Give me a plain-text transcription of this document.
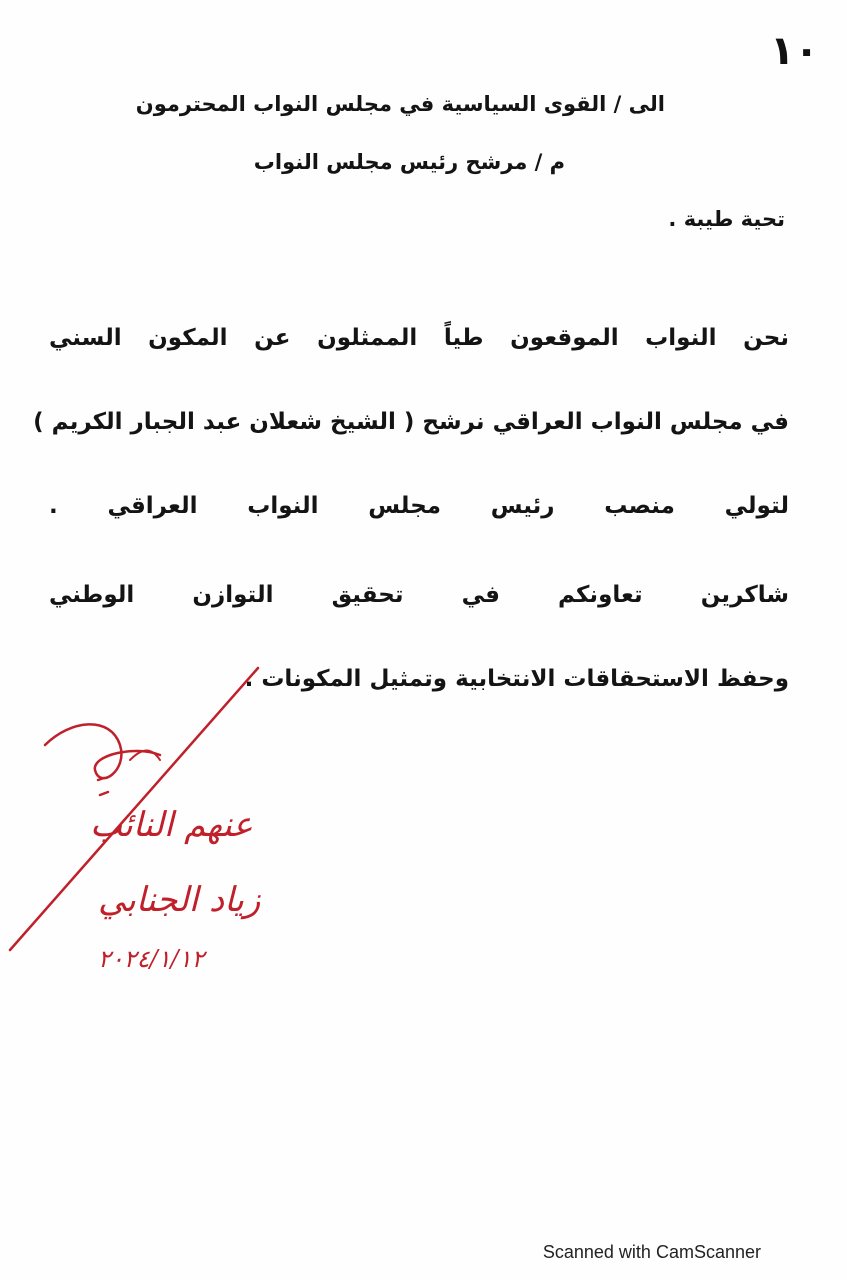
١٠
الى / القوى السياسية في مجلس النواب المحترمون
م / مرشح رئيس مجلس النواب
تحية طيبة .
نحن النواب الموقعون طياً الممثلون عن المكون السني
في مجلس النواب العراقي نرشح ( الشيخ شعلان عبد الجبار الكريم )
لتولي منصب رئيس مجلس النواب العراقي .
شاكرين تعاونكم في تحقيق التوازن الوطني
وحفظ الاستحقاقات الانتخابية وتمثيل المكونات .
عنهم النائب
زياد الجنابي
٢٠٢٤/١/١٢
Scanned with CamScanner
